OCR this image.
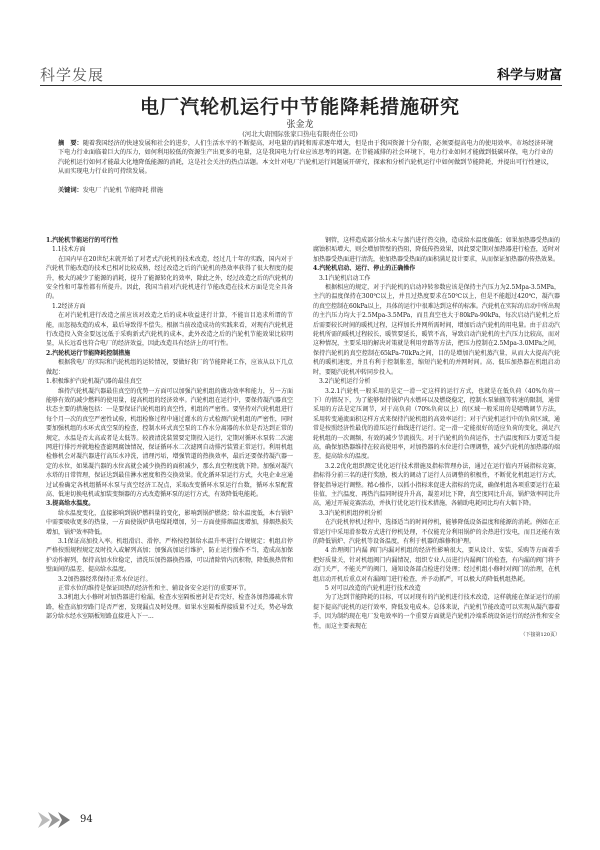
科学发展	科学与财富
电厂汽轮机运行中节能降耗措施研究
张金龙
(河北大唐国际张家口热电有限责任公司)
摘　要：随着我国经济的快速发展和社会的进步，人们生活水平的不断提高，对电量的消耗和需求逐年增大，但是由于我国资源十分有限，必须要提高电力的使用效率。市场经济环境下电力行业面临着巨大的压力，如何利用较低的资源生产出更多的电量，这是我国电力行业应该思考的问题。在节能减排的社会环境下，电力行业如何才能做到低碳环保，电力行业的汽轮机运行如何才能最大化地降低能源的消耗，这是社会关注的热点话题。本文针对电厂汽轮机运行问题展开研究，探索和分析汽轮机运行中如何做到节能降耗，并提出可行性建议，从而实现电力行业的可持续发展。
关键词：发电厂 汽轮机 节能降耗 措施

1.汽轮机节能运行的可行性

1.1技术方面

在国内早在20世纪末就开始了对老式汽轮机的技术改造，经过几十年的实践，国内对于汽轮机节能改造的技术已相对比较成熟，经过改造之后的汽轮机的热效率获得了很大程度的提升，极大的减少了能源的消耗，提升了能源转化的效率，除此之外，经过改造之后的汽轮机的安全性和可靠性都有所提升。因此，我国当前对汽轮机进行节能改造在技术方面是完全具备的。

1.2经济方面

在对汽轮机进行改造之前应该对改造之后的成本收益进行计算，不能盲目追求所谓的节能，而忽视改造的成本，最后导致得不偿失。根据当前改造成功的实践来看，对现有汽轮机进行改造投入资金要远远低于采购新式汽轮机的成本，此外改造之后的汽轮机节能效果比较明显，从长远看也符合电厂的经济效益，因此改造具有经济上的可行性。

2.汽轮机运行节能降耗控制措施

根据我电厂的实际和汽轮机组的运转情况，要做好我厂的节能降耗工作，应该从以下几点做起：

1.积极维护汽轮机凝汽器的最佳真空

维持汽轮机凝汽器最佳真空的优势一方面可以加强汽轮机组的做功效率和能力，另一方面能够有效的减少燃料的使用量，提高机组的经济效率。汽轮机组在运行中，要保持凝汽器真空状态主要的措施包括：一是要保证汽轮机组的真空性，机组的严密性。要坚持对汽轮机组进行每个月一次的真空严密性试验，机组检修过程中通过灌水的方式检测汽轮机组的严密性，同时要加强机组的水环式真空泵的检查，控制水环式真空泵的工作水分离器的水位是否达到正常的规定，水温是否太高或者是太低等。较液清洗装置要定期投入运行，定期对循环水泵转二次滤网进行排污并就地检查滤网腐蚀情况，保证循环水二次滤网自动排污装置正常运行。利用机组检修机会对凝汽器进行高压水冲洗，清理污垢，增强管道的热换效率，最后还要保持凝汽器一定的水位，如果凝汽器的水位高就会减少换热的面积减少，那么真空程度就下降。加强对凝汽水塔的日常管理，保证达到最佳淋水密度和热交换效果。优化循环泵运行方式，火电企业应通过试验确定各机组循环水泵与真空经济工况点，采取改变循环水泵运行台数，循环水泵配置高、低速切换电机或加装变频器的方式改造循环泵的运行方式，有效降低电能耗。

3.提高给水温度。

给水温度变化，直接影响到锅炉燃料量的变化，影响到锅炉燃烧；给水温度低，本台锅炉中需要吸收更多的热量，一方面使锅炉供电煤耗增加，另一方面使排烟温度增加，排烟热损失增加，锅炉效率降低。

3.1保证高加投入率。机组滑启、滑停，严格按控制给水温升率进行合规规定；机组启停严格按照规程规定及时投入或解列高加；加强高加运行维护，防止运行操作不当，造成高加保护动作解列，保持高加水位稳定，清洗压加热器换热器，可以清除管内沉积物，降低换热管和壁面间的温差、提高给水温度。

3.2加热器经常保持正常水位运行。

正常水位的维持是保证回热的经济性和主、辅设备安全运行的重要环节。

3.3机组大小修时对加热器进行检漏，检查水室隔板密封是否完好，检查各加热器疏水管路，检查高加旁路门是否严密，发现漏点及时处理。如果水室隔板焊接质量不过关，势必导致部分给水经水室隔板短路直接进入下一...

钢管，这样造成部分给水未与蒸汽进行热交换，造成给水温度偏低；如果加热器受热面的腐蚀积垢增大，则会增加管壁的热阻，降低传热效果，因此要定期对加热器进行检查，适时对加热器受热面进行清洗，使加热器受热面的面积满足设计要求，从而保证加热器的传热效果。

4.汽轮机启动、运行、停止的正确操作

3.1汽轮机启动工作

根据相应的规定，对于汽轮机的启动冲转参数应该是保持主汽压力为2.5Mpa-3.5MPa，主汽的温度保持在300℃以上，并且过热度要求在50℃以上，但是不能超过420℃，凝汽器的真空控制在60kPa以上，具体的运行中很难达到这样的标准。汽轮机在实际的启动中所出现的主汽压力均大于2.5Mpa-3.5MPa，而且真空也大于80kPa-90kPa，每次启动汽轮机之后后需要较长时间的暖机过程，这样加长并网所需时间，增加后动汽轮机的用电量。由于启动汽轮机所需的暖机过程较长，暖管要延长，暖管不高，导致启动汽轮机的主汽压力比较高，而对这种情况，主要采用的解决对策就是利用旁路等方法，把压力控制在2.5Mpa-3.0MPa之间，保持汽轮机的真空控制在65kPa-70kPa之间，目的是增加汽轮机蒸汽量，从而大大提高汽轮机的暖机速度，并且有利于控制胀差，缩短汽轮机的并网时间。高、低压加热器在机组启动时，要随汽轮机冲转同步投入。

3.2汽轮机运行分析

3.2.1汽轮机一般采用的是定一滑一定这样的运行方式，也就是在低负荷（40%负荷一下）的情况下，为了能够保持锅炉内水燃环以及燃烧稳定，控制水泵轴瓶等转速的限制，通常采用的方法是定压调节，对于高负荷（70%负荷以上）的区域一般采用的是喷嘴调节方法，采用转变通流面积这样方式来保持汽轮机组的高效率运行；对于汽轮机运行中的负荷区域，通常是按照经济性最优的滑压运行曲线进行运行。定一滑一定能很好的适应负荷的变化，满足汽轮机组的一次调频，有效的减少节流损失。对于汽轮机的负荷运作，主汽温度和压力要适当提高，确保加热器维持在较高使用率，对加热器的水位进行合理调整，减少汽轮机的加热器的端差，提高给水的温度。

3.2.2优化组织测定优化运行技术措施及指标管理办法，通过在运行值内开展指标竞赛，指标得分前三名的进行奖励，极大的调动了运行人员调整的积极性，不断优化机组运行方式，督促指导运行调整。精心操作，以抓小指标来促进大指标的完成，确保机组各项重要运行在最佳值，主汽温度、再热汽温同时提升升高，凝差对比下降，真空度同比升高，锅炉效率同比升高，通过开展竞赛活动，并执行优化运行技术措施，各辅助电耗同比均有大幅下降。

3.3汽轮机机组停机分析

在汽轮机停机过程中，选择适当的时间停机，能够降低设备温度和能源的消耗。例如在正常运行中采用滑参数方式进行停机处理，不仅能充分利用锅炉的余热进行发电，而且还能有效的降低锅炉、汽轮机等设备温度，有利于机器的维修和护理。

4 治理阀门内漏 阀门内漏对机组的经济性影响很大，要从设计、安装、采购等方面着手把好质量关，针对机组阀门内漏情况，组织专业人员进行内漏阀门的检查，有内漏的阀门将予动门关严，不能关严的阀门，通知设备部点检进行处理；经过机组小修时对阀门的治理，在机组启动开机后重点对有漏阀门进行检查，并予动抓严，可以极大的降低机组热耗。

5 对可以改造的汽轮机进行技术改造

为了达到节能降耗的目标，可以对现有的汽轮机进行技术改造，这样就能在保证运行的前提下提高汽轮机的运行效率，降低发电成本。总体来说，汽轮机节能改造可以实现从凝汽器着手，因为制约现在电厂发电效率的一个重要方面就是汽轮机冷端系统设备运行的经济性和安全性，而这主要表现在

（下接第120页）

94
